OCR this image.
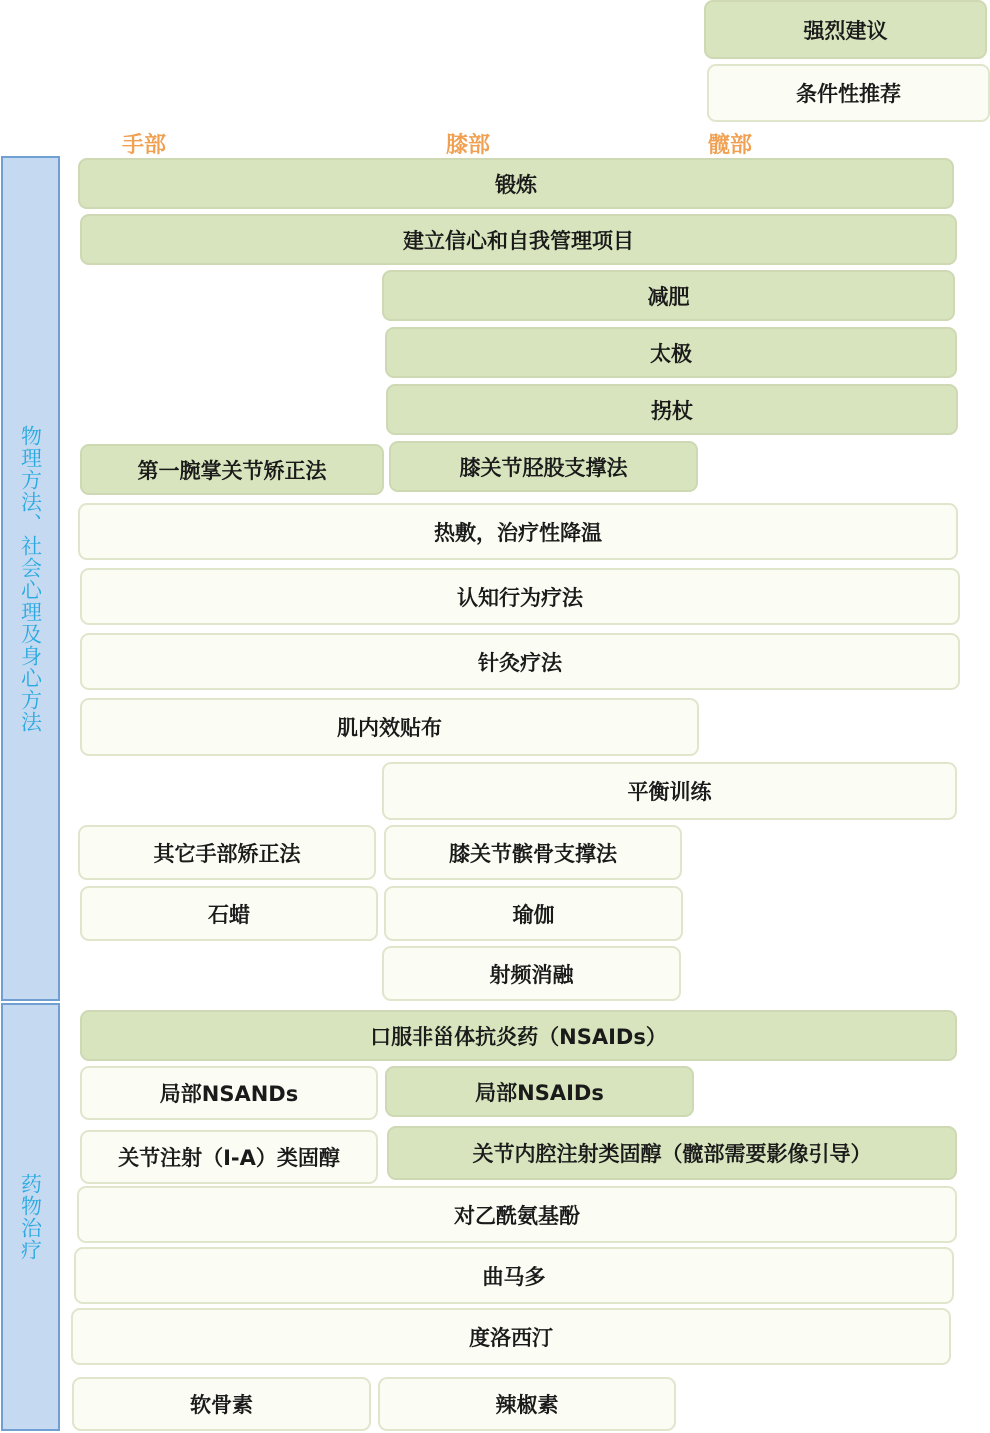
强烈建议
条件性推荐
手部	膝部	髋部
物理方法、社会心理及身心方法
药物治疗
锻炼
建立信心和自我管理项目
减肥
太极
拐杖
第一腕掌关节矫正法	膝关节胫股支撑法
热敷，治疗性降温
认知行为疗法
针灸疗法
肌内效贴布
平衡训练
其它手部矫正法	膝关节髌骨支撑法
石蜡	瑜伽
射频消融
口服非甾体抗炎药（NSAIDs）
局部NSANDs	局部NSAIDs
关节注射（I-A）类固醇	关节内腔注射类固醇（髋部需要影像引导）
对乙酰氨基酚
曲马多
度洛西汀
软骨素	辣椒素
